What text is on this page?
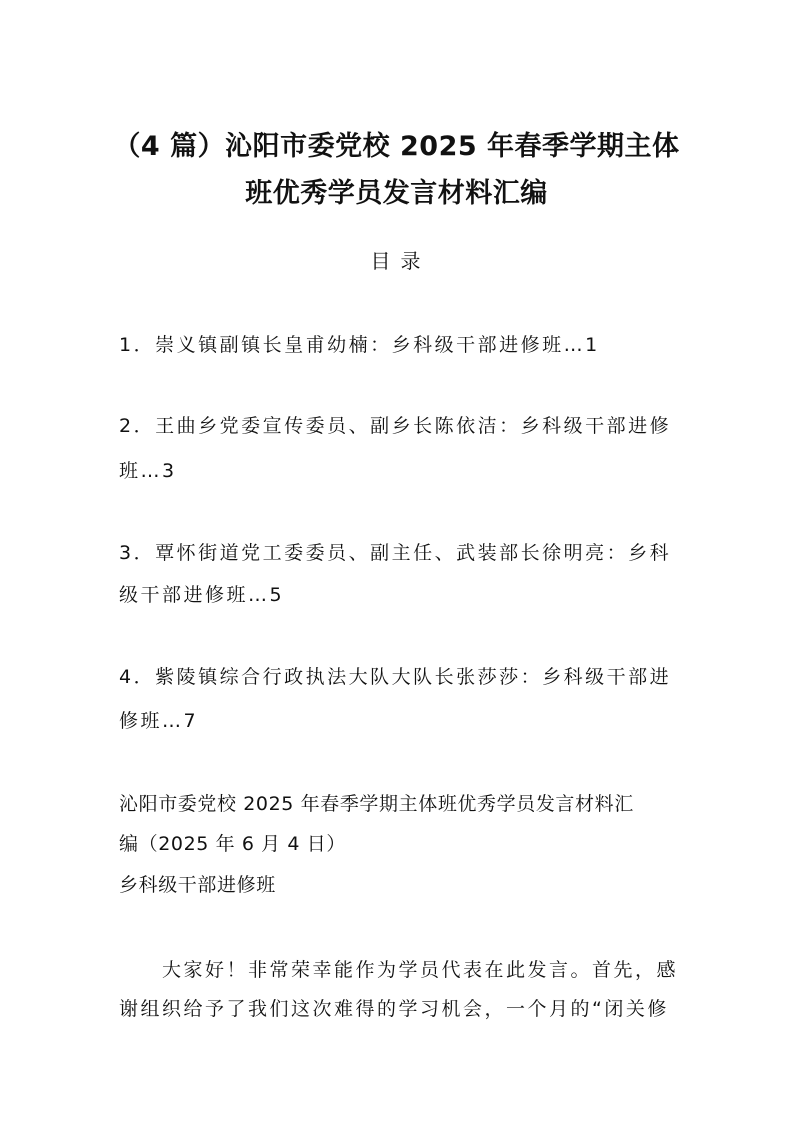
（4 篇）沁阳市委党校 2025 年春季学期主体
班优秀学员发言材料汇编
目录
1．崇义镇副镇长皇甫幼楠：乡科级干部进修班…1
2．王曲乡党委宣传委员、副乡长陈依洁：乡科级干部进修
班…3
3．覃怀街道党工委委员、副主任、武装部长徐明亮：乡科
级干部进修班…5
4．紫陵镇综合行政执法大队大队长张莎莎：乡科级干部进
修班…7
沁阳市委党校 2025 年春季学期主体班优秀学员发言材料汇
编（2025 年 6 月 4 日）
乡科级干部进修班
大家好！非常荣幸能作为学员代表在此发言。首先，感
谢组织给予了我们这次难得的学习机会，一个月的“闭关修
